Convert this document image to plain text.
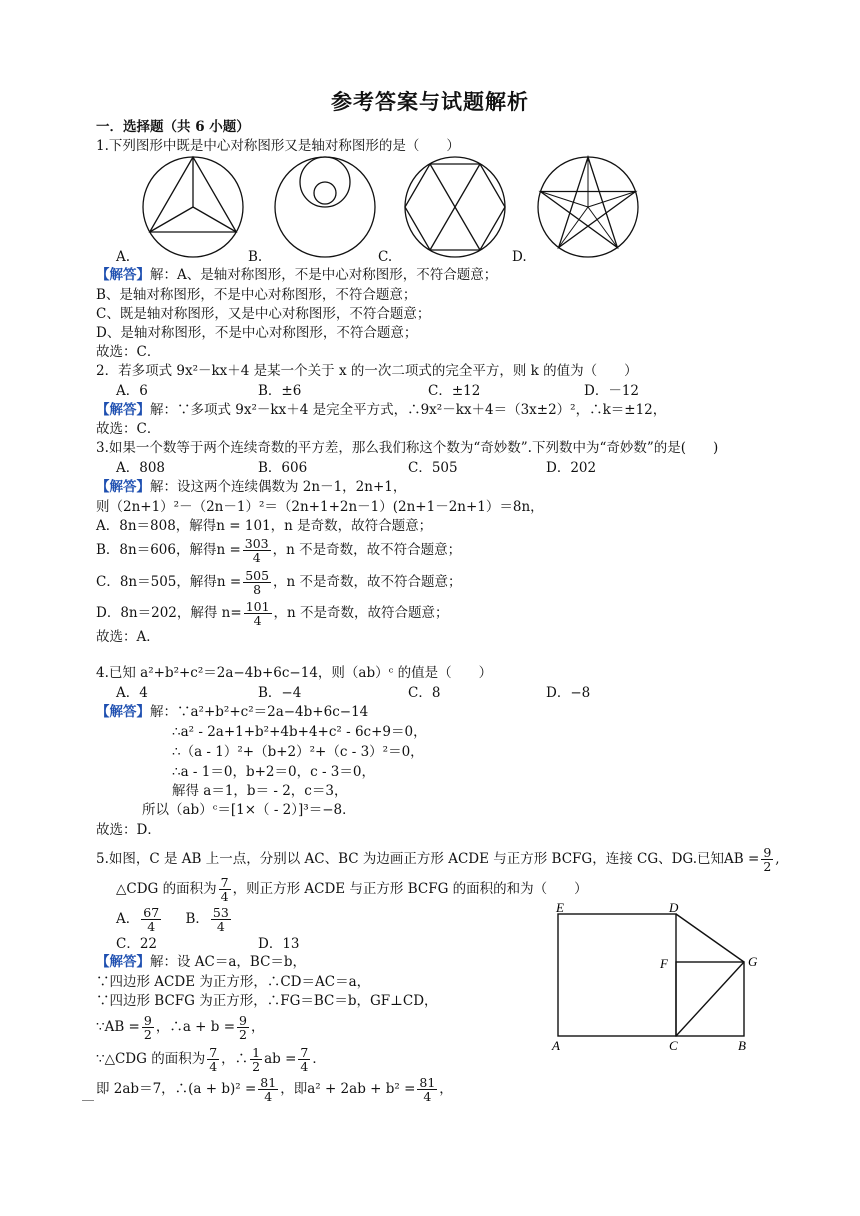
参考答案与试题解析
一．选择题（共 6 小题）
1.下列图形中既是中心对称图形又是轴对称图形的是（　　）
A.	B.	C.	D.
【解答】解：A、是轴对称图形，不是中心对称图形，不符合题意；
B、是轴对称图形，不是中心对称图形，不符合题意；
C、既是轴对称图形，又是中心对称图形，不符合题意；
D、是轴对称图形，不是中心对称图形，不符合题意；
故选：C．
2．若多项式 9x²－kx＋4 是某一个关于 x 的一次二项式的完全平方，则 k 的值为（　　）
A．6	B．±6	C．±12	D．－12
【解答】解：∵多项式 9x²－kx＋4 是完全平方式，∴9x²－kx＋4＝（3x±2）²，∴k＝±12，
故选：C．
3.如果一个数等于两个连续奇数的平方差，那么我们称这个数为“奇妙数”.下列数中为“奇妙数”的是(　　)
A．808	B．606	C．505	D．202
【解答】解：设这两个连续偶数为 2n－1，2n+1，
则（2n+1）²－（2n－1）²＝（2n+1+2n－1）(2n+1－2n+1）＝8n，
A．8n＝808，解得n = 101，n 是奇数，故符合题意；
B．8n＝606，解得$n = \frac{303}{4}$ ，n 不是奇数，故不符合题意；
C．8n＝505，解得$n = \frac{505}{8}$ ，n 不是奇数，故不符合题意；
D．8n＝202，解得 $n= \frac{101}{4}$ ，n 不是奇数，故符合题意；
故选：A．
4.已知 a²+b²+c²＝2a−4b+6c−14，则（ab）ᶜ 的值是（　　）
A．4	B．−4	C．8	D．−8
【解答】解：∵a²+b²+c²＝2a−4b+6c−14
∴a² - 2a+1+b²+4b+4+c² - 6c+9＝0，
∴（a - 1）²+（b+2）²+（c - 3）²＝0，
∴a - 1＝0，b+2＝0，c - 3＝0，
解得 a＝1，b＝ - 2，c＝3，
所以（ab）ᶜ＝[1×（ - 2）]³＝−8．
故选：D．
5.如图，C 是 AB 上一点，分别以 AC、BC 为边画正方形 ACDE 与正方形 BCFG，连接 CG、DG.已知AB = $\frac{9}{2}$ ,
△CDG 的面积为 $\frac{7}{4}$ ，则正方形 ACDE 与正方形 BCFG 的面积的和为（　　）
A． $\frac{67}{4}$ B． $\frac{53}{4}$
C．22	D．13
【解答】解：设 AC＝a，BC＝b，
∵四边形 ACDE 为正方形，∴CD＝AC＝a，
∵四边形 BCFG 为正方形，∴FG＝BC＝b，GF⊥CD，
∵AB = $\frac{9}{2}$ ，∴a + $b = \frac{9}{2}$ ，
∵△CDG 的面积为 $\frac{7}{4}$ ，∴ $\frac{1}{2}$ ab = $\frac{7}{4}$ ．
即 2ab＝7，∴(a + $b)^2 = \frac{81}{4}$ ，即$a^2 + 2ab + b^2 = \frac{81}{4}$ ，
E	D
F	G
A	C	B
